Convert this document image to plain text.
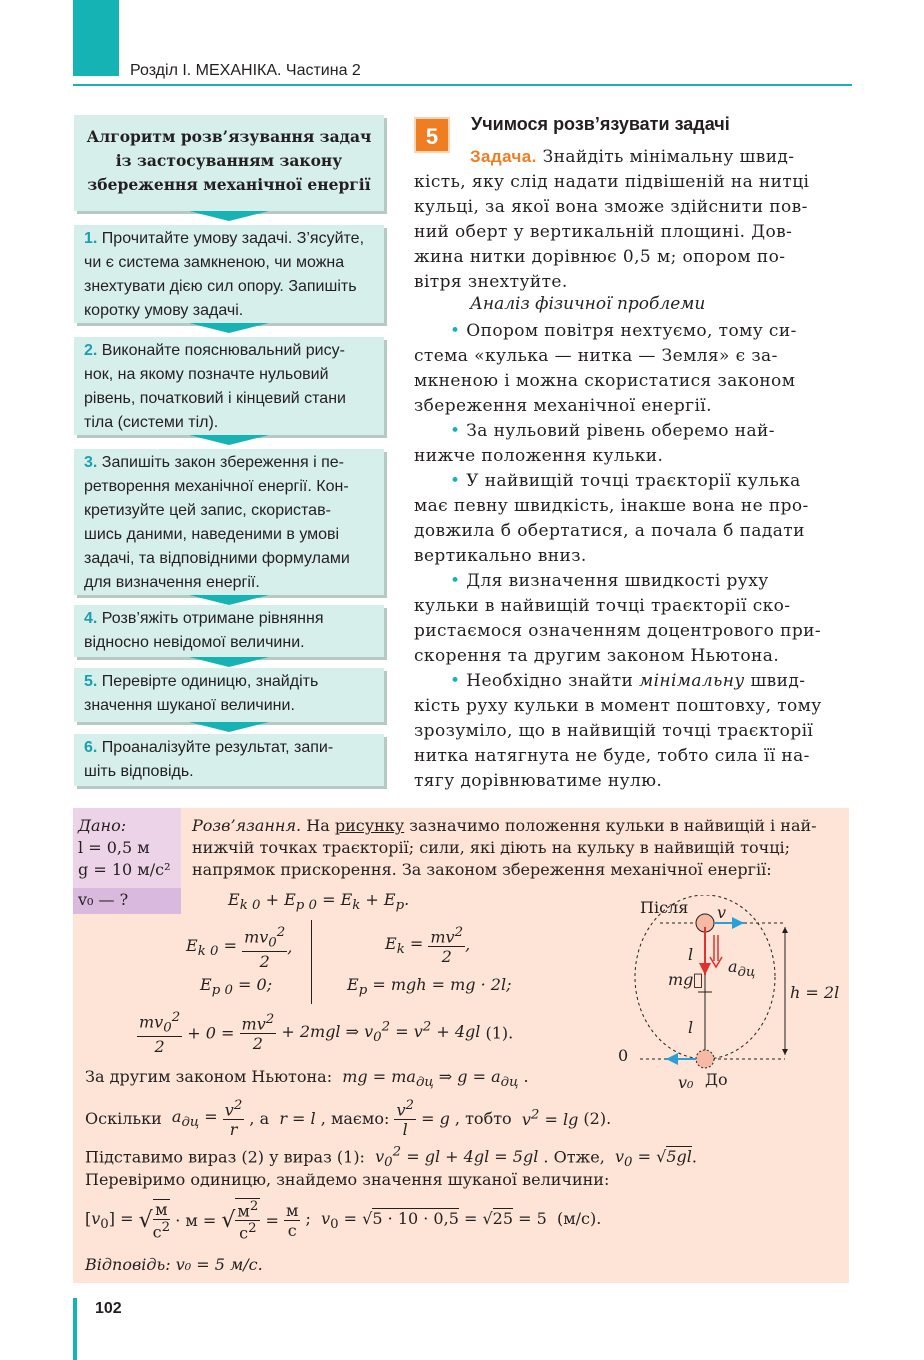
Розділ І. МЕХАНІКА. Частина 2
Алгоритм розв’язування задач
із застосуванням закону
збереження механічної енергії
1. Прочитайте умову задачі. З’ясуйте,
чи є система замкненою, чи можна
знехтувати дією сил опору. Запишіть
коротку умову задачі.
2. Виконайте пояснювальний рису-
нок, на якому позначте нульовий
рівень, початковий і кінцевий стани
тіла (системи тіл).
3. Запишіть закон збереження і пе-
ретворення механічної енергії. Кон-
кретизуйте цей запис, скористав-
шись даними, наведеними в умові
задачі, та відповідними формулами
для визначення енергії.
4. Розв’яжіть отримане рівняння
відносно невідомої величини.
5. Перевірте одиницю, знайдіть
значення шуканої величини.
6. Проаналізуйте результат, запи-
шіть відповідь.
5	Учимося розв’язувати задачі
Задача. Знайдіть мінімальну швид-
кість, яку слід надати підвішеній на нитці
кульці, за якої вона зможе здійснити пов-
ний оберт у вертикальній площині. Дов-
жина нитки дорівнює 0,5 м; опором по-
вітря знехтуйте.
Аналіз фізичної проблеми
• Опором повітря нехтуємо, тому си-
стема «кулька — нитка — Земля» є за-
мкненою і можна скористатися законом
збереження механічної енергії.
• За нульовий рівень оберемо най-
нижче положення кульки.
• У найвищій точці траєкторії кулька
має певну швидкість, інакше вона не про-
довжила б обертатися, а почала б падати
вертикально вниз.
• Для визначення швидкості руху
кульки в найвищій точці траєкторії ско-
ристаємося означенням доцентрового при-
скорення та другим законом Ньютона.
• Необхідно знайти мінімальну швид-
кість руху кульки в момент поштовху, тому
зрозуміло, що в найвищій точці траєкторії
нитка натягнута не буде, тобто сила її на-
тягу дорівнюватиме нулю.
Дано:
l = 0,5 м
g = 10 м/с²
v₀ — ?
Розв’язання. На рисунку зазначимо положення кульки в найвищій і най-
нижчій точках траєкторії; сили, які діють на кульку в найвищій точці;
напрямок прискорення. За законом збереження механічної енергії:
$E_{k 0} + E_{p 0} = E_k + E_p$.
$E_{k 0} = \frac{mv_0^2}{2}$ ,
$E_{p 0} = 0$;
$E_k = \frac{mv^2}{2}$ ,
$E_p$ = mgh = mg · 2l;
$\frac{mv_0^2}{2} + 0 = \frac{mv^2}{2} + 2mgl$ ⇒ $v_0^2 = v^2 + 4gl$ (1).
За другим законом Ньютона:  mg = $ma_{дц}$ ⇒ $g = a_{дц}$ .
Оскільки  $a_{дц} = \frac{v^2}{r}$ , а  r = l , маємо: $\frac{v^2}{l} = g$ , тобто  $v^2 = \lg (2)$.
Підставимо вираз (2) у вираз (1):  $v_0^2$ = gl + 4gl = 5gl . Отже,  $v_0 = √5gl$.
Перевіримо одиницю, знайдемо значення шуканої величини:
$[v_0]$ = √ м
$с^2 \cdot м$ = √ $м^2$
$с^2$ =
м
с
;  $v_0 = √5 \cdot 10 \cdot 0,5 = √25 = 5$  (м/с).
Відповідь: v₀ = 5 м/с.
Після
До
0
h = 2l
l
l
mg
$a_{дц}$
v
v₀
102
